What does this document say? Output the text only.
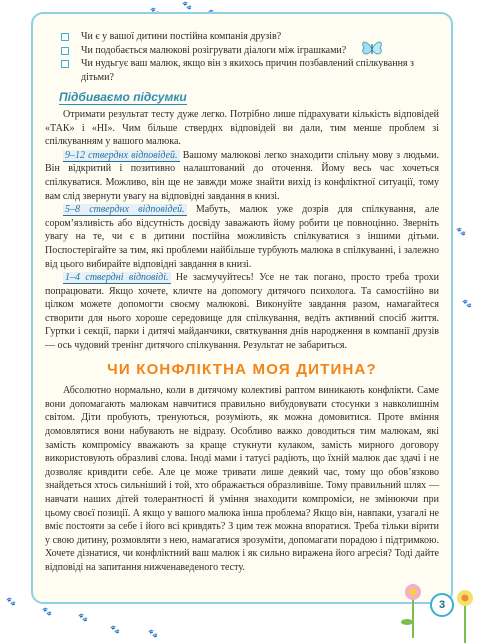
🐾
🐾
🐾
🐾
🐾
🐾
🐾	🐾
Чи є у вашої дитини постійна компанія друзів?
Чи подобається малюкові розігрувати діалоги між іграшками?
Чи нудьгує ваш малюк, якщо він з якихось причин позбавлений спілкування з дітьми?
Підбиваємо підсумки

Отримати результат тесту дуже легко. Потрібно лише підрахувати кількість відповідей «ТАК» і «НІ». Чим більше стверднх відповідей ви дали, тим менше проблем зі спілкуванням у вашого малюка.

9–12 стверднх відповідей. Вашому малюкові легко знаходити спільну мову з людьми. Він відкритий і позитивно налаштований до оточення. Йому весь час хочеться спілкуватися. Можливо, він ще не завжди може знайти вихід із конфліктної ситуації, тому вам слід звернути увагу на відповідні завдання в книзі.

5–8 стверднх відповідей. Мабуть, малюк уже дозрів для спілкування, але сором’язливість або відсутність досвіду заважають йому робити це повноцінно. Зверніть увагу на те, чи є в дитини постійна можливість спілкуватися з іншими дітьми. Поспостерігайте за тим, які проблеми найбільше турбують малюка в спілкуванні, і залежно від цього вибирайте відповідні завдання в книзі.

1–4 стверднi відповіді. Не засмучуйтесь! Усе не так погано, просто треба трохи попрацювати. Якщо хочете, кличте на допомогу дитячого психолога. Та самостійно ви цілком можете допомогти своєму малюкові. Виконуйте завдання разом, намагайтеся створити для нього хороше середовище для спілкування, ведіть активний спосіб життя. Гуртки і секції, парки і дитячі майданчики, святкування днів народження в компанії друзів — ось чудовий тренінг дитячого спілкування. Результат не забариться.

ЧИ КОНФЛІКТНА МОЯ ДИТИНА?

Абсолютно нормально, коли в дитячому колективі раптом виникають конфлікти. Саме вони допомагають малюкам навчитися правильно вибудовувати стосунки з навколишнім світом. Діти пробують, тренуються, розуміють, як можна домовитися. Проте вміння домовлятися вони набувають не відразу. Особливо важко доводиться тим малюкам, які замість компромісу вважають за краще стукнути кулаком, замість мирного договору використовують образливі слова. Іноді мами і татусі радіють, що їхній малюк дає здачі і не дозволяє кривдити себе. Але це може тривати лише деякий час, тому що обов’язково знайдеться хтось сильніший і той, хто ображається образливіше. Тому правильний шлях — навчати наших дітей толерантності й уміння знаходити компроміси, не змінюючи при цьому своєї позиції. А якщо у вашого малюка інша проблема? Якщо він, навпаки, узагалі не вміє постояти за себе і його всі кривдять? З цим теж можна впоратися. Треба тільки вірити у свою дитину, розмовляти з нею, намагатися зрозуміти, допомагати порадою і підтримкою. Хочете дізнатися, чи конфліктний ваш малюк і як сильно виражена його агресія? Тоді дайте відповіді на запитання нижченаведеного тесту.

3
